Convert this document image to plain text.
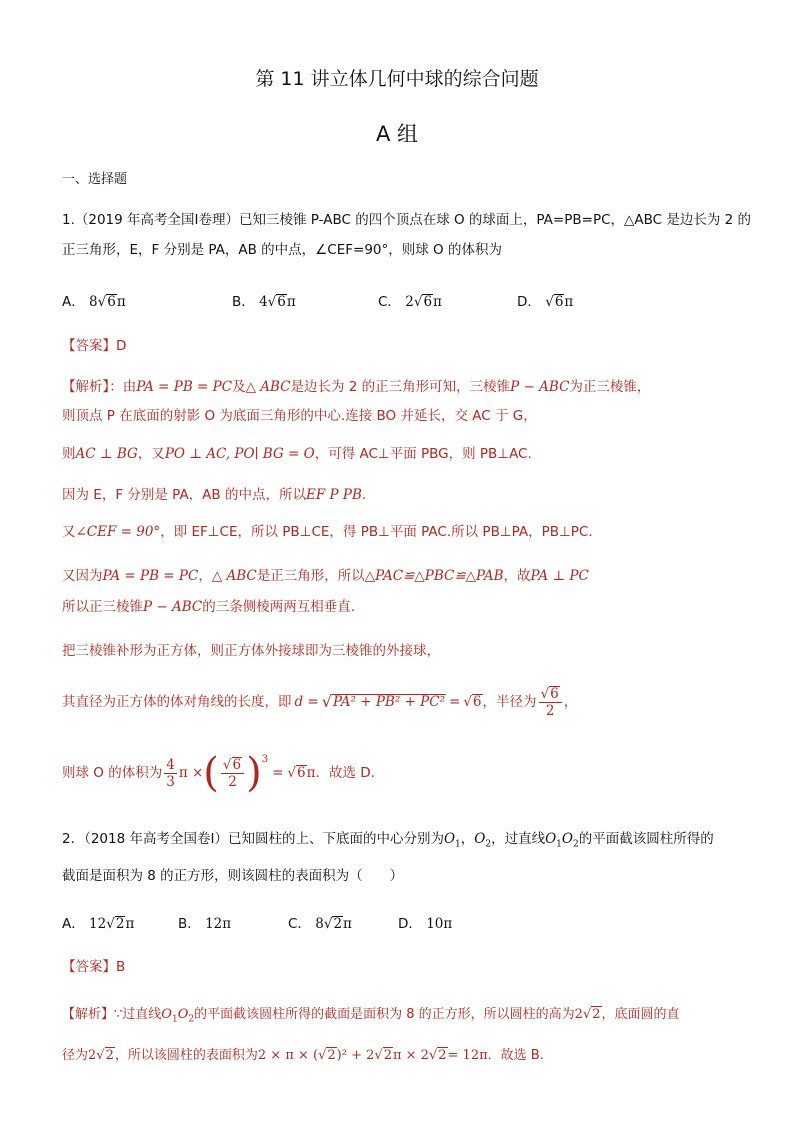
第 11 讲立体几何中球的综合问题
A 组
一、选择题
1.（2019 年高考全国Ⅰ卷理）已知三棱锥 P-ABC 的四个顶点在球 O 的球面上，PA=PB=PC，△ABC 是边长为 2 的
正三角形，E，F 分别是 PA，AB 的中点，∠CEF=90°，则球 O 的体积为
A． 8√6π	B． 4√6π	C． 2√6π	D． √6π
【答案】D
【解析】：由PA = PB = PC及△ ABC是边长为 2 的正三角形可知，三棱锥P − ABC为正三棱锥，
则顶点 P 在底面的射影 O 为底面三角形的中心.连接 BO 并延长，交 AC 于 G，
则AC ⊥ BG，又PO ⊥ AC, PO∣ BG = O，可得 AC⊥平面 PBG，则 PB⊥AC.
因为 E，F 分别是 PA，AB 的中点，所以EF P PB.
又∠CEF = 90°，即 EF⊥CE，所以 PB⊥CE，得 PB⊥平面 PAC.所以 PB⊥PA，PB⊥PC.
又因为PA = PB = PC，△ ABC是正三角形，所以△PAC≌△PBC≌△PAB，故PA ⊥ PC
所以正三棱锥P − ABC的三条侧棱两两互相垂直.
把三棱锥补形为正方体，则正方体外接球即为三棱锥的外接球，
其直径为正方体的体对角线的长度，即 d = √ PA² + PB² + PC² = √ 6 ，半径为 $\frac{√6}{2}$ ，
则球 O 的体积为 $\frac{4}{3}$ π × ( $\frac{√6}{2}$ ) 3
= √ 6 π ．故选 D.
2．（2018 年高考全国卷Ⅰ）已知圆柱的上、下底面的中心分别为$O_1$，$O_2$，过直线$O_1O_2$的平面截该圆柱所得的
截面是面积为 8 的正方形，则该圆柱的表面积为（　　）
A． 12√2π	B． 12π	C． 8√2π	D． 10π
【答案】B
【解析】∵过直线$O_1O_2$的平面截该圆柱所得的截面是面积为 8 的正方形，所以圆柱的高为2√2，底面圆的直
径为2√2，所以该圆柱的表面积为2 × π × (√2)² + 2√2π × 2√2= 12π．故选 B.
